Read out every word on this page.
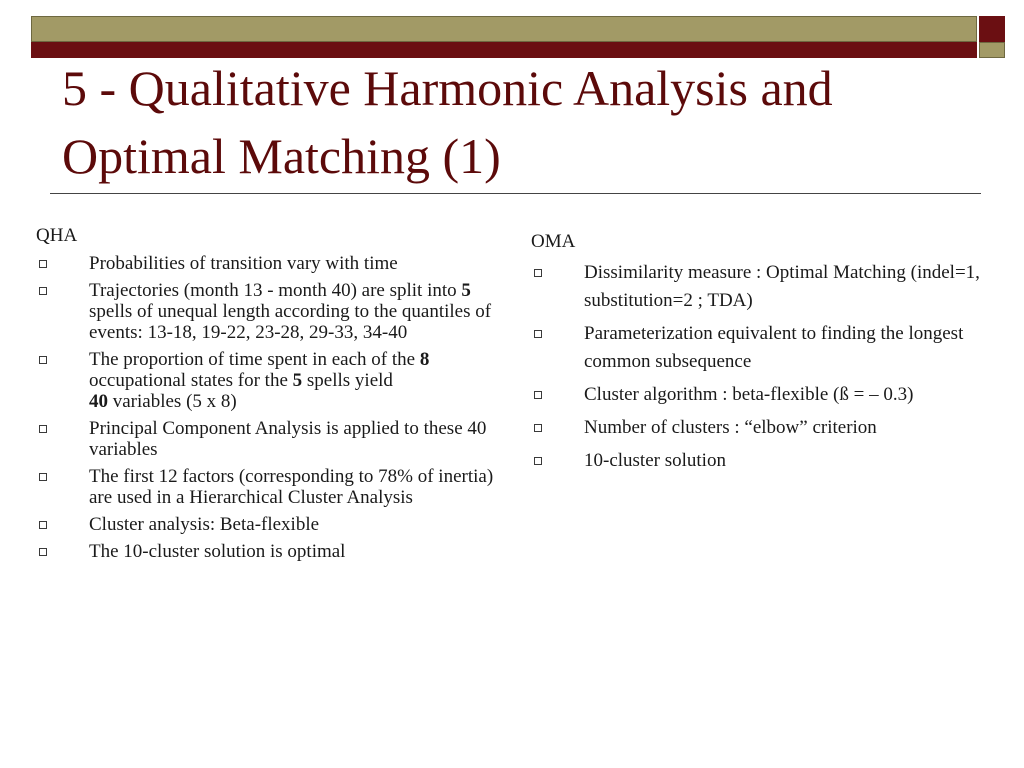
5 - Qualitative Harmonic Analysis and
Optimal Matching (1)
QHA
Probabilities of transition vary with time
Trajectories (month 13 - month 40) are split into 5 spells of unequal length according to the quantiles of events: 13-18, 19-22, 23-28, 29-33, 34-40
The proportion of time spent in each of the 8 occupational states for the 5 spells yield
40 variables (5 x 8)
Principal Component Analysis is applied to these 40 variables
The first 12 factors (corresponding to 78% of inertia) are used in a Hierarchical Cluster Analysis
Cluster analysis: Beta-flexible
The 10-cluster solution is optimal
OMA
Dissimilarity measure : Optimal Matching (indel=1, substitution=2 ; TDA)
Parameterization equivalent to finding the longest common subsequence
Cluster algorithm : beta-flexible (ß = – 0.3)
Number of clusters : “elbow” criterion
10-cluster solution
